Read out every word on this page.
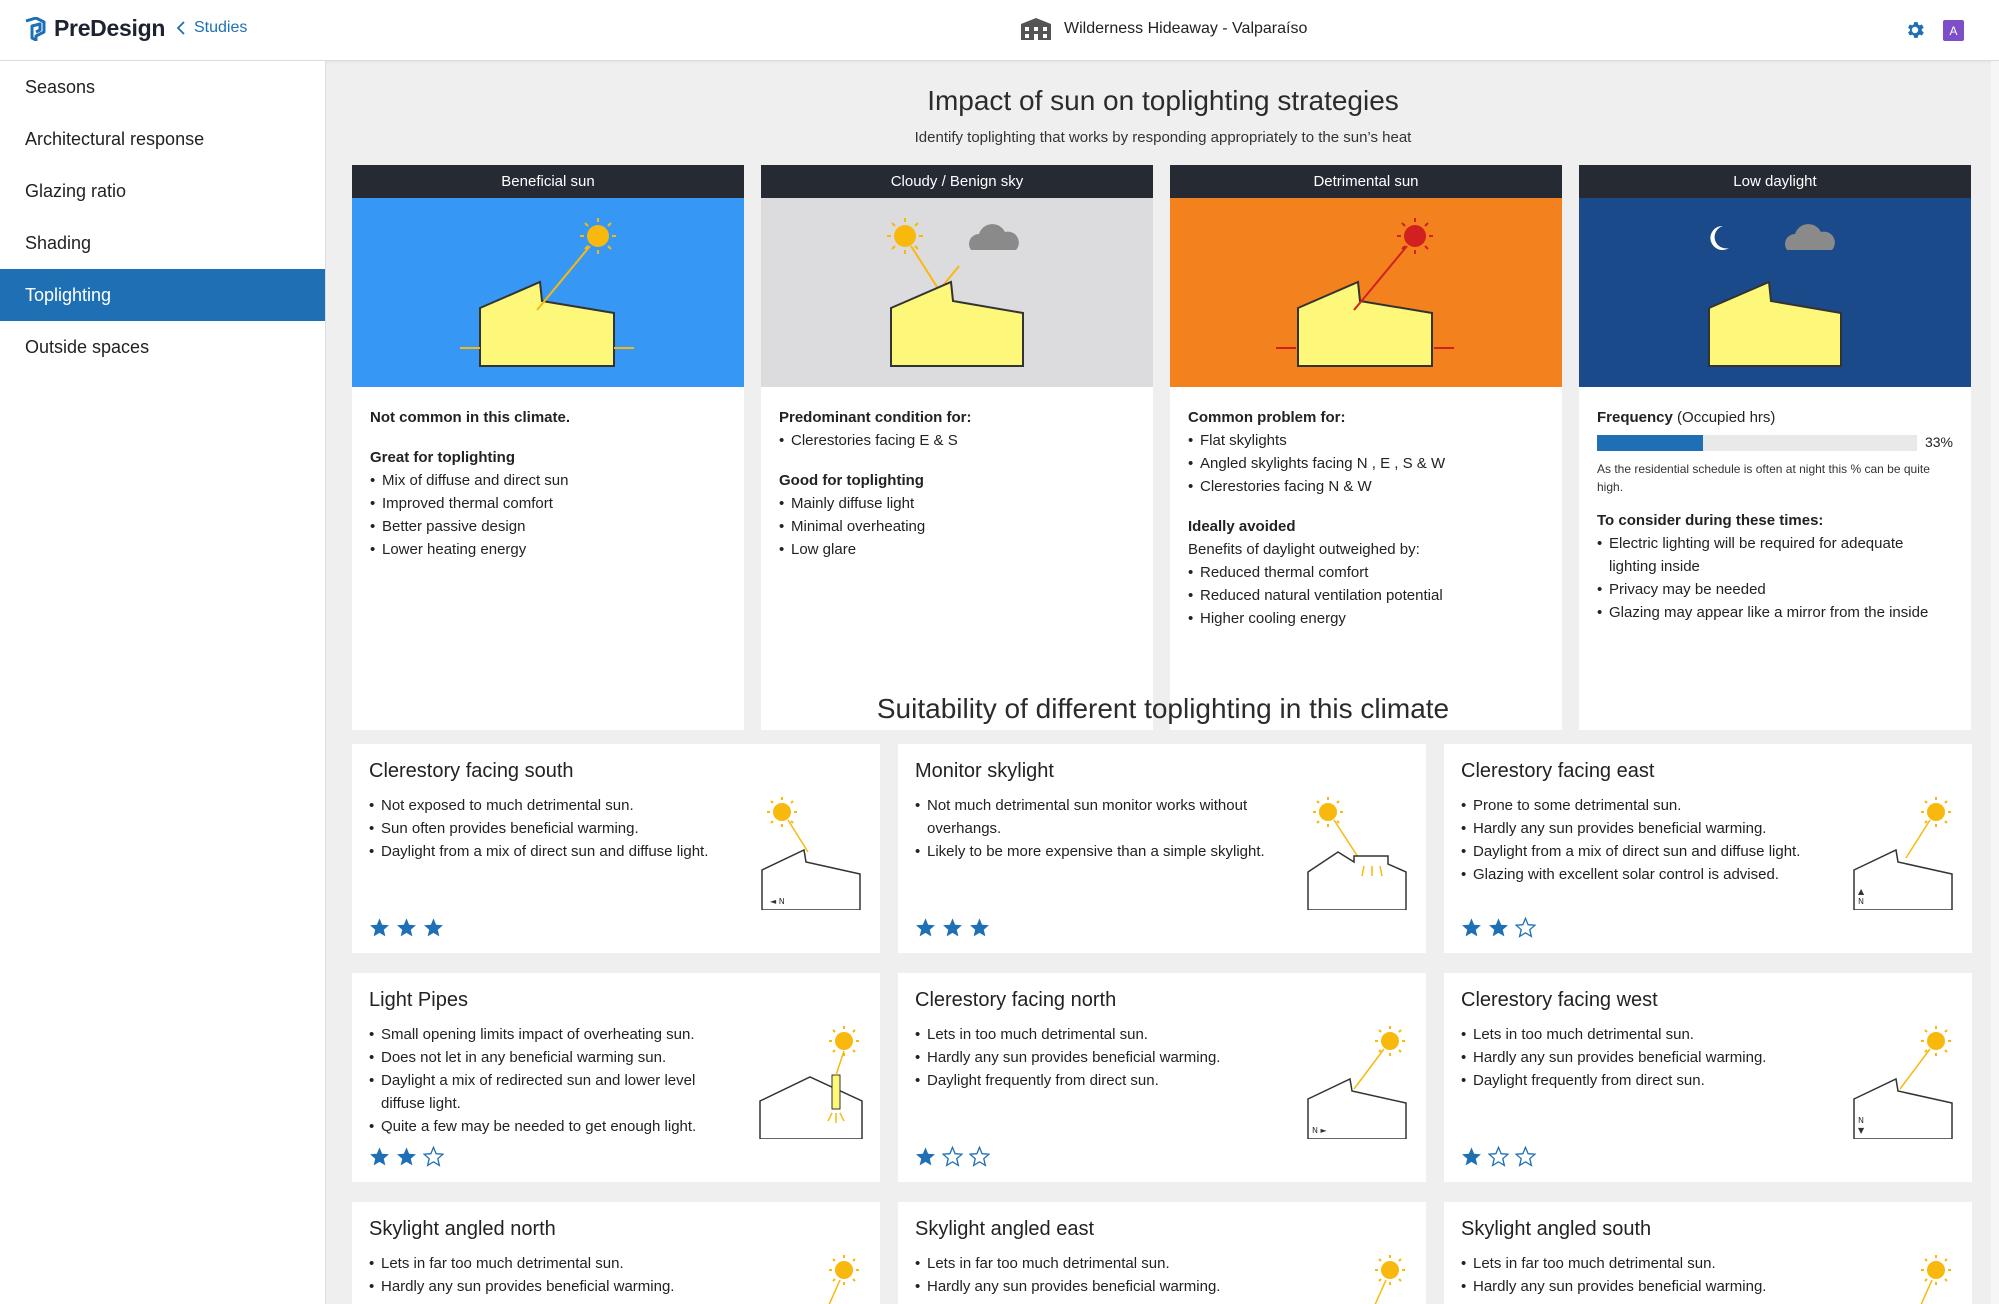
PreDesign Studies	Wilderness Hideaway - Valparaíso	A
Seasons
Architectural response
Glazing ratio
Shading
Toplighting
Outside spaces
Impact of sun on toplighting strategies
Identify toplighting that works by responding appropriately to the sun’s heat
Beneficial sun
Not common in this climate.
Great for toplighting
• Mix of diffuse and direct sun
• Improved thermal comfort
• Better passive design
• Lower heating energy
Cloudy / Benign sky
Predominant condition for:
• Clerestories facing E & S
Good for toplighting
• Mainly diffuse light
• Minimal overheating
• Low glare
Detrimental sun
Common problem for:
• Flat skylights
• Angled skylights facing N , E , S & W
• Clerestories facing N & W
Ideally avoided
Benefits of daylight outweighed by:
• Reduced thermal comfort
• Reduced natural ventilation potential
• Higher cooling energy
Low daylight
Frequency (Occupied hrs)
33%
As the residential schedule is often at night this % can be quite high.
To consider during these times:
• Electric lighting will be required for adequate lighting inside
• Privacy may be needed
• Glazing may appear like a mirror from the inside
Suitability of different toplighting in this climate
Clerestory facing south
• Not exposed to much detrimental sun.
• Sun often provides beneficial warming.
• Daylight from a mix of direct sun and diffuse light.
◄ N
Monitor skylight
• Not much detrimental sun monitor works without overhangs.
• Likely to be more expensive than a simple skylight.
Clerestory facing east
• Prone to some detrimental sun.
• Hardly any sun provides beneficial warming.
• Daylight from a mix of direct sun and diffuse light.
• Glazing with excellent solar control is advised.
▲
N
Light Pipes
• Small opening limits impact of overheating sun.
• Does not let in any beneficial warming sun.
• Daylight a mix of redirected sun and lower level diffuse light.
• Quite a few may be needed to get enough light.
Clerestory facing north
• Lets in too much detrimental sun.
• Hardly any sun provides beneficial warming.
• Daylight frequently from direct sun.
N ►
Clerestory facing west
• Lets in too much detrimental sun.
• Hardly any sun provides beneficial warming.
• Daylight frequently from direct sun.
N
▼
Skylight angled north
• Lets in far too much detrimental sun.
• Hardly any sun provides beneficial warming.
Skylight angled east
• Lets in far too much detrimental sun.
• Hardly any sun provides beneficial warming.
Skylight angled south
• Lets in far too much detrimental sun.
• Hardly any sun provides beneficial warming.
